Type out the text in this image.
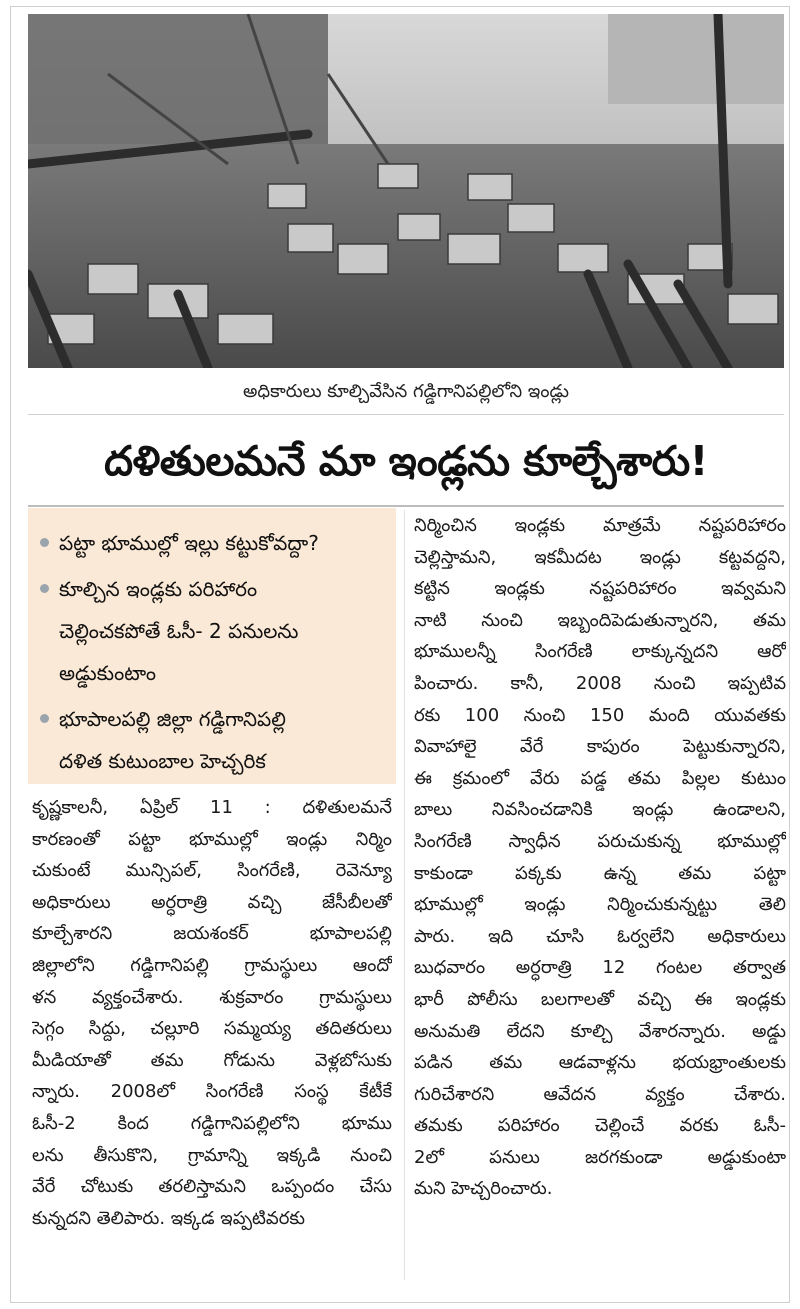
అధికారులు కూల్చివేసిన గడ్డిగానిపల్లిలోని ఇండ్లు
దళితులమనే మా ఇండ్లను కూల్చేశారు!
పట్టా భూముల్లో ఇల్లు కట్టుకోవద్దా?
కూల్చిన ఇండ్లకు పరిహారం
చెల్లించకపోతే ఓసీ- 2 పనులను
అడ్డుకుంటాం
భూపాలపల్లి జిల్లా గడ్డిగానిపల్లి
దళిత కుటుంబాల హెచ్చరిక
కృష్ణకాలనీ, ఏప్రిల్ 11 : దళితులమనే
కారణంతో పట్టా భూముల్లో ఇండ్లు నిర్మిం
చుకుంటే మున్సిపల్, సింగరేణి, రెవెన్యూ
అధికారులు అర్ధరాత్రి వచ్చి జేసీబీలతో
కూల్చేశారని జయశంకర్ భూపాలపల్లి
జిల్లాలోని గడ్డిగానిపల్లి గ్రామస్థులు ఆందో
ళన వ్యక్తంచేశారు. శుక్రవారం గ్రామస్థులు
సెగ్గం సిద్దు, చల్లూరి సమ్మయ్య తదితరులు
మీడియాతో తమ గోడును వెళ్లబోసుకు
న్నారు. 2008లో సింగరేణి సంస్థ కేటీకే
ఓసీ-2 కింద గడ్డిగానిపల్లిలోని భూము
లను తీసుకొని, గ్రామాన్ని ఇక్కడి నుంచి
వేరే చోటుకు తరలిస్తామని ఒప్పందం చేసు
కున్నదని తెలిపారు. ఇక్కడ ఇప్పటివరకు
నిర్మించిన ఇండ్లకు మాత్రమే నష్టపరిహారం
చెల్లిస్తామని, ఇకమీదట ఇండ్లు కట్టవద్దని,
కట్టిన ఇండ్లకు నష్టపరిహారం ఇవ్వమని
నాటి నుంచి ఇబ్బందిపెడుతున్నారని, తమ
భూములన్నీ సింగరేణి లాక్కున్నదని ఆరో
పించారు. కానీ, 2008 నుంచి ఇప్పటివ
రకు 100 నుంచి 150 మంది యువతకు
వివాహాలై వేరే కాపురం పెట్టుకున్నారని,
ఈ క్రమంలో వేరు పడ్డ తమ పిల్లల కుటుం
బాలు నివసించడానికి ఇండ్లు ఉండాలని,
సింగరేణి స్వాధీన పరుచుకున్న భూముల్లో
కాకుండా పక్కకు ఉన్న తమ పట్టా
భూముల్లో ఇండ్లు నిర్మించుకున్నట్టు తెలి
పారు. ఇది చూసి ఓర్వలేని అధికారులు
బుధవారం అర్ధరాత్రి 12 గంటల తర్వాత
భారీ పోలీసు బలగాలతో వచ్చి ఈ ఇండ్లకు
అనుమతి లేదని కూల్చి వేశారన్నారు. అడ్డు
పడిన తమ ఆడవాళ్లను భయభ్రాంతులకు
గురిచేశారని ఆవేదన వ్యక్తం చేశారు.
తమకు పరిహారం చెల్లించే వరకు ఓసీ-
2లో పనులు జరగకుండా అడ్డుకుంటా
మని హెచ్చరించారు.
